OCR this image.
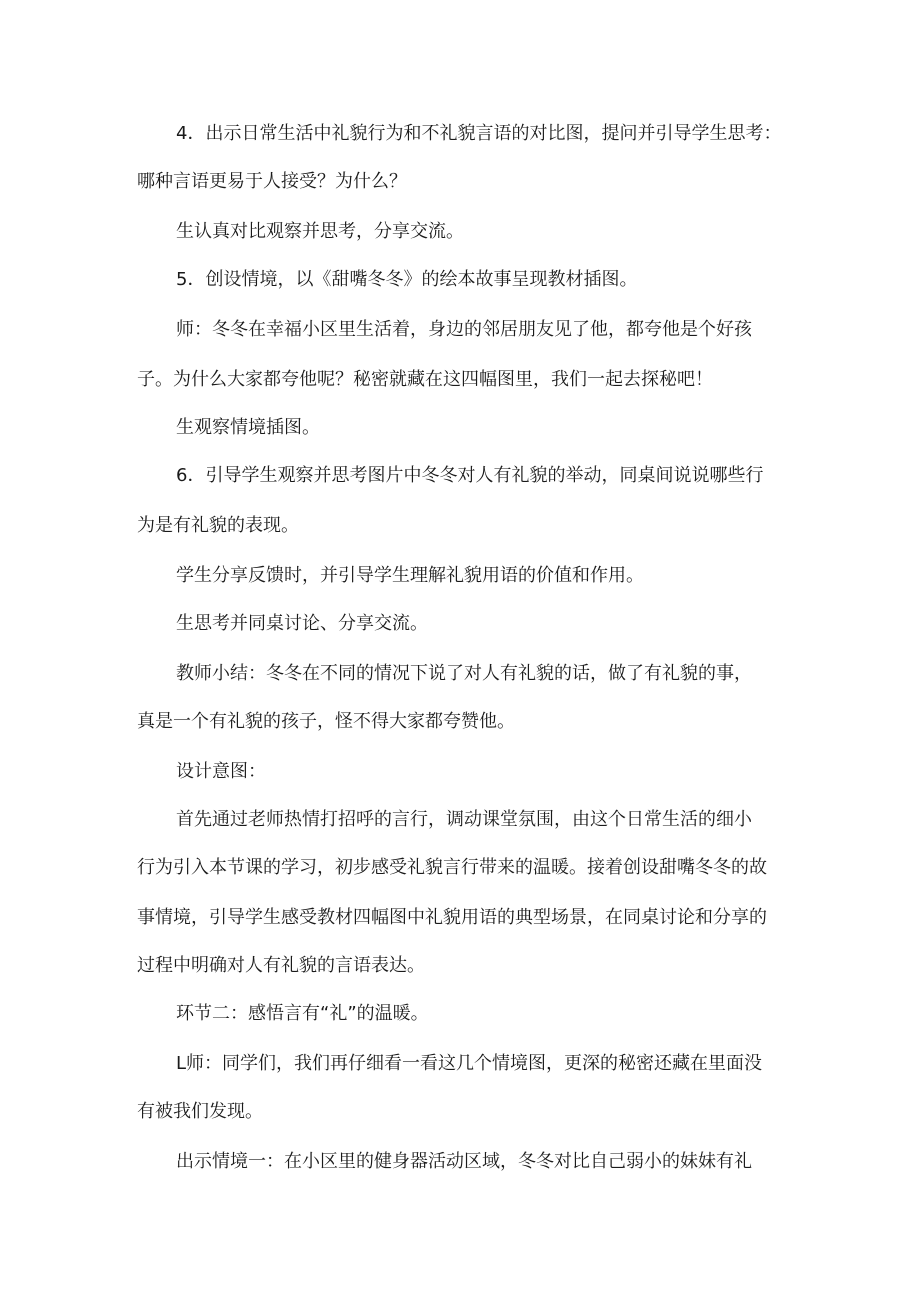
4．出示日常生活中礼貌行为和不礼貌言语的对比图，提问并引导学生思考：
哪种言语更易于人接受？为什么？
生认真对比观察并思考，分享交流。
5．创设情境，以《甜嘴冬冬》的绘本故事呈现教材插图。
师：冬冬在幸福小区里生活着，身边的邻居朋友见了他，都夸他是个好孩
子。为什么大家都夸他呢？秘密就藏在这四幅图里，我们一起去探秘吧！
生观察情境插图。
6．引导学生观察并思考图片中冬冬对人有礼貌的举动，同桌间说说哪些行
为是有礼貌的表现。
学生分享反馈时，并引导学生理解礼貌用语的价值和作用。
生思考并同桌讨论、分享交流。
教师小结：冬冬在不同的情况下说了对人有礼貌的话，做了有礼貌的事，
真是一个有礼貌的孩子，怪不得大家都夸赞他。
设计意图：
首先通过老师热情打招呼的言行，调动课堂氛围，由这个日常生活的细小
行为引入本节课的学习，初步感受礼貌言行带来的温暖。接着创设甜嘴冬冬的故
事情境，引导学生感受教材四幅图中礼貌用语的典型场景，在同桌讨论和分享的
过程中明确对人有礼貌的言语表达。
环节二：感悟言有“礼”的温暖。
L师：同学们，我们再仔细看一看这几个情境图，更深的秘密还藏在里面没
有被我们发现。
出示情境一：在小区里的健身器活动区域，冬冬对比自己弱小的妹妹有礼
